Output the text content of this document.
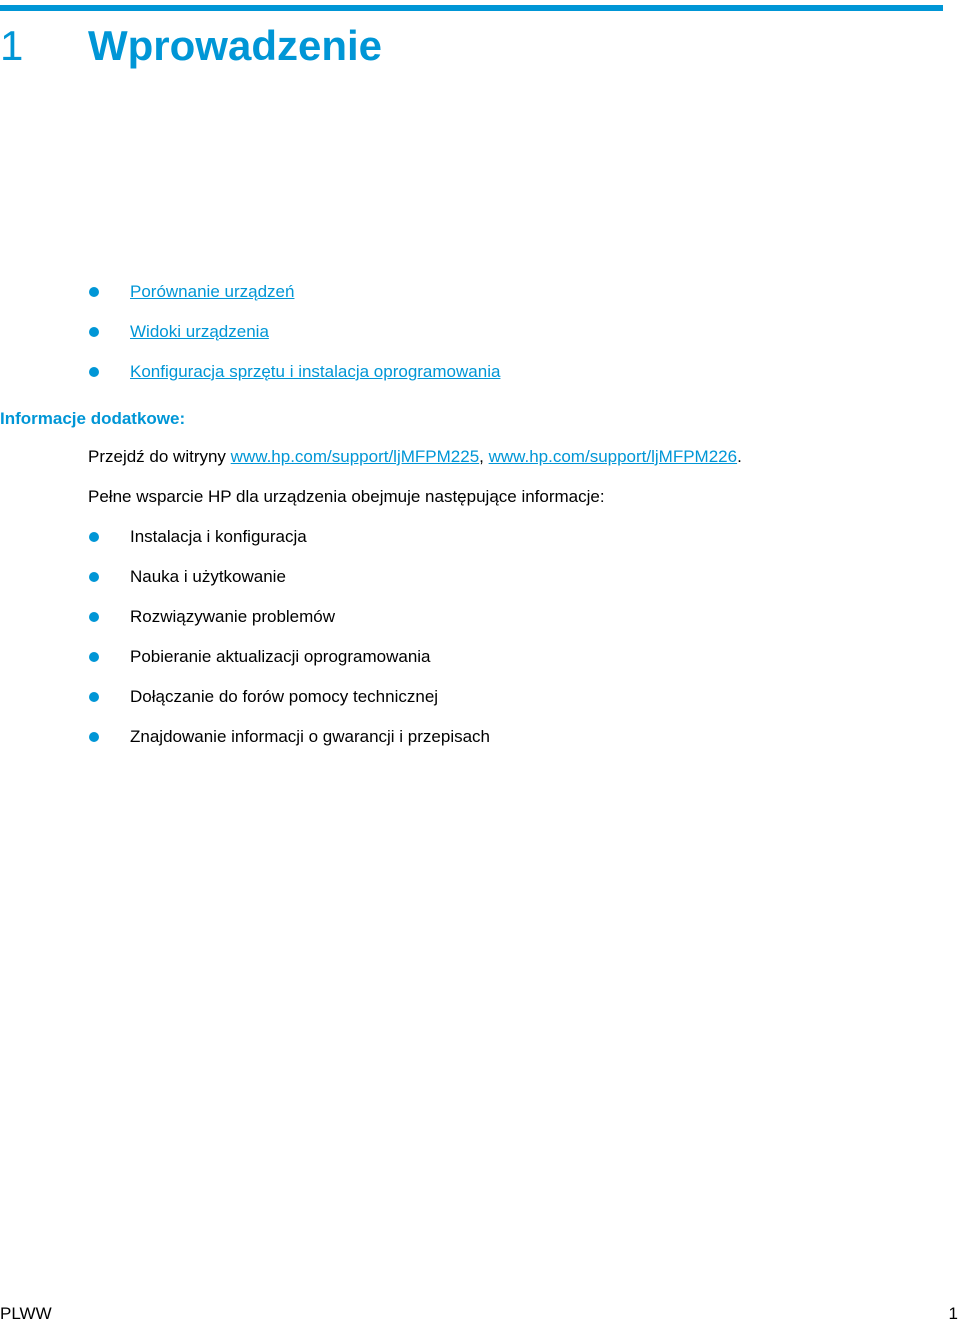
1 Wprowadzenie
Porównanie urządzeń
Widoki urządzenia
Konfiguracja sprzętu i instalacja oprogramowania
Informacje dodatkowe:
Przejdź do witryny www.hp.com/support/ljMFPM225, www.hp.com/support/ljMFPM226.
Pełne wsparcie HP dla urządzenia obejmuje następujące informacje:
Instalacja i konfiguracja
Nauka i użytkowanie
Rozwiązywanie problemów
Pobieranie aktualizacji oprogramowania
Dołączanie do forów pomocy technicznej
Znajdowanie informacji o gwarancji i przepisach
PLWW	1
